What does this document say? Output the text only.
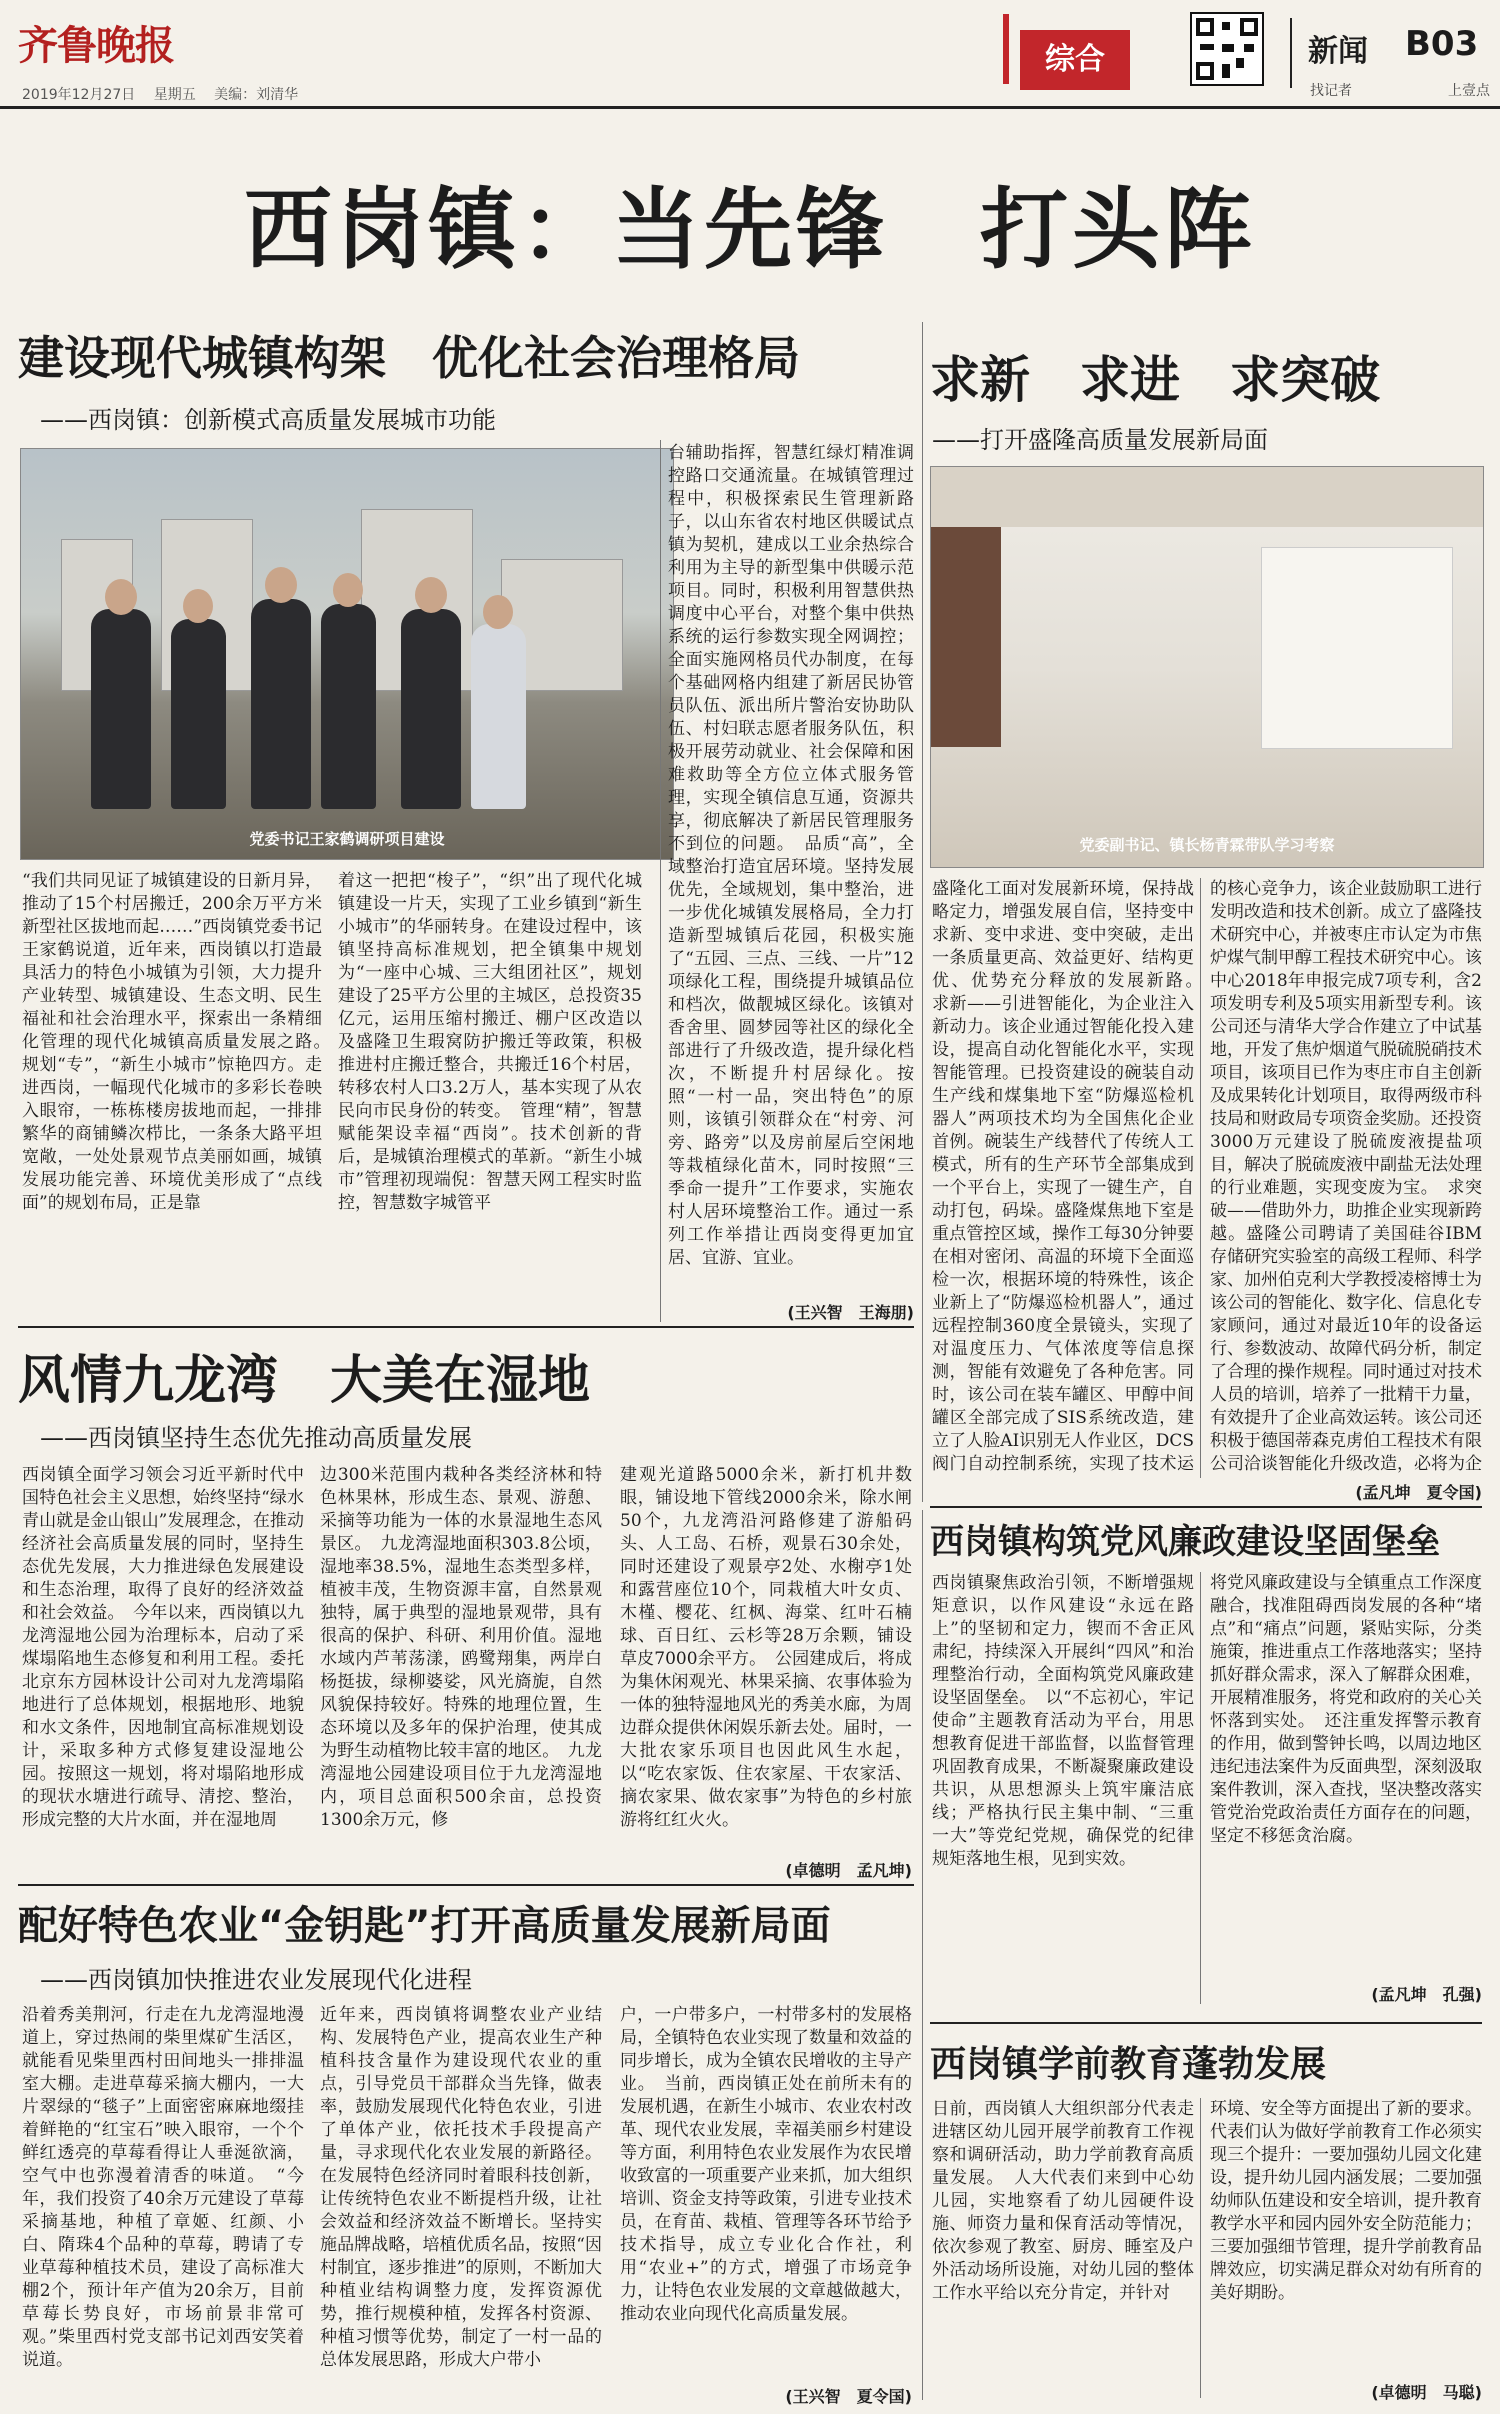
齐鲁晚报
2019年12月27日 星期五 美编：刘清华
综合	新闻 B03
找记者	上壹点
西岗镇：当先锋　打头阵
建设现代城镇构架　优化社会治理格局
——西岗镇：创新模式高质量发展城市功能
党委书记王家鹤调研项目建设
“我们共同见证了城镇建设的日新月异，推动了15个村居搬迁，200余万平方米新型社区拔地而起……”西岗镇党委书记王家鹤说道，近年来，西岗镇以打造最具活力的特色小城镇为引领，大力提升产业转型、城镇建设、生态文明、民生福祉和社会治理水平，探索出一条精细化管理的现代化城镇高质量发展之路。　规划“专”，“新生小城市”惊艳四方。走进西岗，一幅现代化城市的多彩长卷映入眼帘，一栋栋楼房拔地而起，一排排繁华的商铺鳞次栉比，一条条大路平坦宽敞，一处处景观节点美丽如画，城镇发展功能完善、环境优美形成了“点线面”的规划布局，正是靠
着这一把把“梭子”，“织”出了现代化城镇建设一片天，实现了工业乡镇到“新生小城市”的华丽转身。在建设过程中，该镇坚持高标准规划，把全镇集中规划为“一座中心城、三大组团社区”，规划建设了25平方公里的主城区，总投资35亿元，运用压缩村搬迁、棚户区改造以及盛隆卫生瑕窝防护搬迁等政策，积极推进村庄搬迁整合，共搬迁16个村居，转移农村人口3.2万人，基本实现了从农民向市民身份的转变。　管理“精”，智慧赋能架设幸福“西岗”。技术创新的背后，是城镇治理模式的革新。“新生小城市”管理初现端倪：智慧天网工程实时监控，智慧数字城管平
台辅助指挥，智慧红绿灯精准调控路口交通流量。在城镇管理过程中，积极探索民生管理新路子，以山东省农村地区供暖试点镇为契机，建成以工业余热综合利用为主导的新型集中供暖示范项目。同时，积极利用智慧供热调度中心平台，对整个集中供热系统的运行参数实现全网调控；全面实施网格员代办制度，在每个基础网格内组建了新居民协管员队伍、派出所片警治安协助队伍、村妇联志愿者服务队伍，积极开展劳动就业、社会保障和困难救助等全方位立体式服务管理，实现全镇信息互通，资源共享，彻底解决了新居民管理服务不到位的问题。　品质“高”，全域整治打造宜居环境。坚持发展优先，全域规划，集中整治，进一步优化城镇发展格局，全力打造新型城镇后花园，积极实施了“五园、三点、三线、一片”12项绿化工程，围绕提升城镇品位和档次，做靓城区绿化。该镇对香舍里、圆梦园等社区的绿化全部进行了升级改造，提升绿化档次，不断提升村居绿化。按照“一村一品，突出特色”的原则，该镇引领群众在“村旁、河旁、路旁”以及房前屋后空闲地等栽植绿化苗木，同时按照“三季命一提升”工作要求，实施农村人居环境整治工作。通过一系列工作举措让西岗变得更加宜居、宜游、宜业。
(王兴智　王海朋)
求新　求进　求突破
——打开盛隆高质量发展新局面
党委副书记、镇长杨青霖带队学习考察
盛隆化工面对发展新环境，保持战略定力，增强发展自信，坚持变中求新、变中求进、变中突破，走出一条质量更高、效益更好、结构更优、优势充分释放的发展新路。　求新——引进智能化，为企业注入新动力。该企业通过智能化投入建设，提高自动化智能化水平，实现智能管理。已投资建设的碗装自动生产线和煤集地下室“防爆巡检机器人”两项技术均为全国焦化企业首例。碗装生产线替代了传统人工模式，所有的生产环节全部集成到一个平台上，实现了一键生产，自动打包，码垛。盛隆煤焦地下室是重点管控区域，操作工每30分钟要在相对密闭、高温的环境下全面巡检一次，根据环境的特殊性，该企业新上了“防爆巡检机器人”，通过远程控制360度全景镜头，实现了对温度压力、气体浓度等信息探测，智能有效避免了各种危害。同时，该公司在装车罐区、甲醇中间罐区全部完成了SIS系统改造，建立了人脸AI识别无人作业区，DCS阀门自动控制系统，实现了技术运　
的核心竞争力，该企业鼓励职工进行发明改造和技术创新。成立了盛隆技术研究中心，并被枣庄市认定为市焦炉煤气制甲醇工程技术研究中心。该中心2018年申报完成7项专利，含2项发明专利及5项实用新型专利。该公司还与清华大学合作建立了中试基地，开发了焦炉烟道气脱硫脱硝技术项目，该项目已作为枣庄市自主创新及成果转化计划项目，取得两级市科技局和财政局专项资金奖励。还投资3000万元建设了脱硫废液提盐项目，解决了脱硫废液中副盐无法处理的行业难题，实现变废为宝。　求突破——借助外力，助推企业实现新跨越。盛隆公司聘请了美国硅谷IBM存储研究实验室的高级工程师、科学家、加州伯克利大学教授凌榕博士为该公司的智能化、数字化、信息化专家顾问，通过对最近10年的设备运行、参数波动、故障代码分析，制定了合理的操作规程。同时通过对技术人员的培训，培养了一批精干力量，有效提升了企业高效运转。该公司还积极于德国蒂森克虏伯工程技术有限公司洽谈智能化升级改造，必将为企
(孟凡坤　夏令国)
风情九龙湾　大美在湿地
——西岗镇坚持生态优先推动高质量发展
西岗镇全面学习领会习近平新时代中国特色社会主义思想，始终坚持“绿水青山就是金山银山”发展理念，在推动经济社会高质量发展的同时，坚持生态优先发展，大力推进绿色发展建设和生态治理，取得了良好的经济效益和社会效益。　今年以来，西岗镇以九龙湾湿地公园为治理标本，启动了采煤塌陷地生态修复和利用工程。委托北京东方园林设计公司对九龙湾塌陷地进行了总体规划，根据地形、地貌和水文条件，因地制宜高标准规划设计，采取多种方式修复建设湿地公园。按照这一规划，将对塌陷地形成的现状水塘进行疏导、清挖、整治，形成完整的大片水面，并在湿地周
边300米范围内栽种各类经济林和特色林果林，形成生态、景观、游憩、采摘等功能为一体的水景湿地生态风景区。　九龙湾湿地面积303.8公顷，湿地率38.5%，湿地生态类型多样，植被丰茂，生物资源丰富，自然景观独特，属于典型的湿地景观带，具有很高的保护、科研、利用价值。湿地水域内芦苇荡漾，鸥鹭翔集，两岸白杨挺拔，绿柳婆娑，风光旖旎，自然风貌保持较好。特殊的地理位置，生态环境以及多年的保护治理，使其成为野生动植物比较丰富的地区。　九龙湾湿地公园建设项目位于九龙湾湿地内，项目总面积500余亩，总投资1300余万元，修
建观光道路5000余米，新打机井数眼，铺设地下管线2000余米，除水闸50个，九龙湾沿河路修建了游船码头、人工岛、石桥，观景石30余处，同时还建设了观景亭2处、水榭亭1处和露营座位10个，同栽植大叶女贞、木槿、樱花、红枫、海棠、红叶石楠球、百日红、云杉等28万余颗，铺设草皮7000余平方。　公园建成后，将成为集休闲观光、林果采摘、农事体验为一体的独特湿地风光的秀美水廊，为周边群众提供休闲娱乐新去处。届时，一大批农家乐项目也因此风生水起，以“吃农家饭、住农家屋、干农家活、摘农家果、做农家事”为特色的乡村旅游将红红火火。
(卓德明　孟凡坤)
配好特色农业“金钥匙”打开高质量发展新局面
——西岗镇加快推进农业发展现代化进程
沿着秀美荆河，行走在九龙湾湿地漫道上，穿过热闹的柴里煤矿生活区，就能看见柴里西村田间地头一排排温室大棚。走进草莓采摘大棚内，一大片翠绿的“毯子”上面密密麻麻地缀挂着鲜艳的“红宝石”映入眼帘，一个个鲜红透亮的草莓看得让人垂涎欲滴，空气中也弥漫着清香的味道。　“今年，我们投资了40余万元建设了草莓采摘基地，种植了章姬、红颜、小白、隋珠4个品种的草莓，聘请了专业草莓种植技术员，建设了高标准大棚2个，预计年产值为20余万，目前草莓长势良好，市场前景非常可观。”柴里西村党支部书记刘西安笑着说道。
近年来，西岗镇将调整农业产业结构、发展特色产业，提高农业生产种植科技含量作为建设现代农业的重点，引导党员干部群众当先锋，做表率，鼓励发展现代化特色农业，引进了单体产业，依托技术手段提高产量，寻求现代化农业发展的新路径。在发展特色经济同时着眼科技创新，让传统特色农业不断提档升级，让社会效益和经济效益不断增长。坚持实施品牌战略，培植优质名品，按照“因村制宜，逐步推进”的原则，不断加大种植业结构调整力度，发挥资源优势，推行规模种植，发挥各村资源、种植习惯等优势，制定了一村一品的总体发展思路，形成大户带小
户，一户带多户，一村带多村的发展格局，全镇特色农业实现了数量和效益的同步增长，成为全镇农民增收的主导产业。　当前，西岗镇正处在前所未有的发展机遇，在新生小城市、农业农村改革、现代农业发展，幸福美丽乡村建设等方面，利用特色农业发展作为农民增收致富的一项重要产业来抓，加大组织培训、资金支持等政策，引进专业技术员，在育苗、栽植、管理等各环节给予技术指导，成立专业化合作社，利用“农业+”的方式，增强了市场竞争力，让特色农业发展的文章越做越大，推动农业向现代化高质量发展。
(王兴智　夏令国)
西岗镇构筑党风廉政建设坚固堡垒
西岗镇聚焦政治引领，不断增强规矩意识，以作风建设“永远在路上”的坚韧和定力，锲而不舍正风肃纪，持续深入开展纠“四风”和治理整治行动，全面构筑党风廉政建设坚固堡垒。　以“不忘初心，牢记使命”主题教育活动为平台，用思想教育促进干部监督，以监督管理巩固教育成果，不断凝聚廉政建设共识，从思想源头上筑牢廉洁底线；严格执行民主集中制、“三重一大”等党纪党规，确保党的纪律规矩落地生根，见到实效。
将党风廉政建设与全镇重点工作深度融合，找准阻碍西岗发展的各种“堵点”和“痛点”问题，紧贴实际，分类施策，推进重点工作落地落实；坚持抓好群众需求，深入了解群众困难，开展精准服务，将党和政府的关心关怀落到实处。　还注重发挥警示教育的作用，做到警钟长鸣，以周边地区违纪违法案件为反面典型，深刻汲取案件教训，深入查找，坚决整改落实管党治党政治责任方面存在的问题，坚定不移惩贪治腐。
(孟凡坤　孔强)
西岗镇学前教育蓬勃发展
日前，西岗镇人大组织部分代表走进辖区幼儿园开展学前教育工作视察和调研活动，助力学前教育高质量发展。　人大代表们来到中心幼儿园，实地察看了幼儿园硬件设施、师资力量和保育活动等情况，依次参观了教室、厨房、睡室及户外活动场所设施，对幼儿园的整体工作水平给以充分肯定，并针对
环境、安全等方面提出了新的要求。代表们认为做好学前教育工作必须实现三个提升：一要加强幼儿园文化建设，提升幼儿园内涵发展；二要加强幼师队伍建设和安全培训，提升教育教学水平和园内园外安全防范能力；三要加强细节管理，提升学前教育品牌效应，切实满足群众对幼有所育的美好期盼。
(卓德明　马聪)
